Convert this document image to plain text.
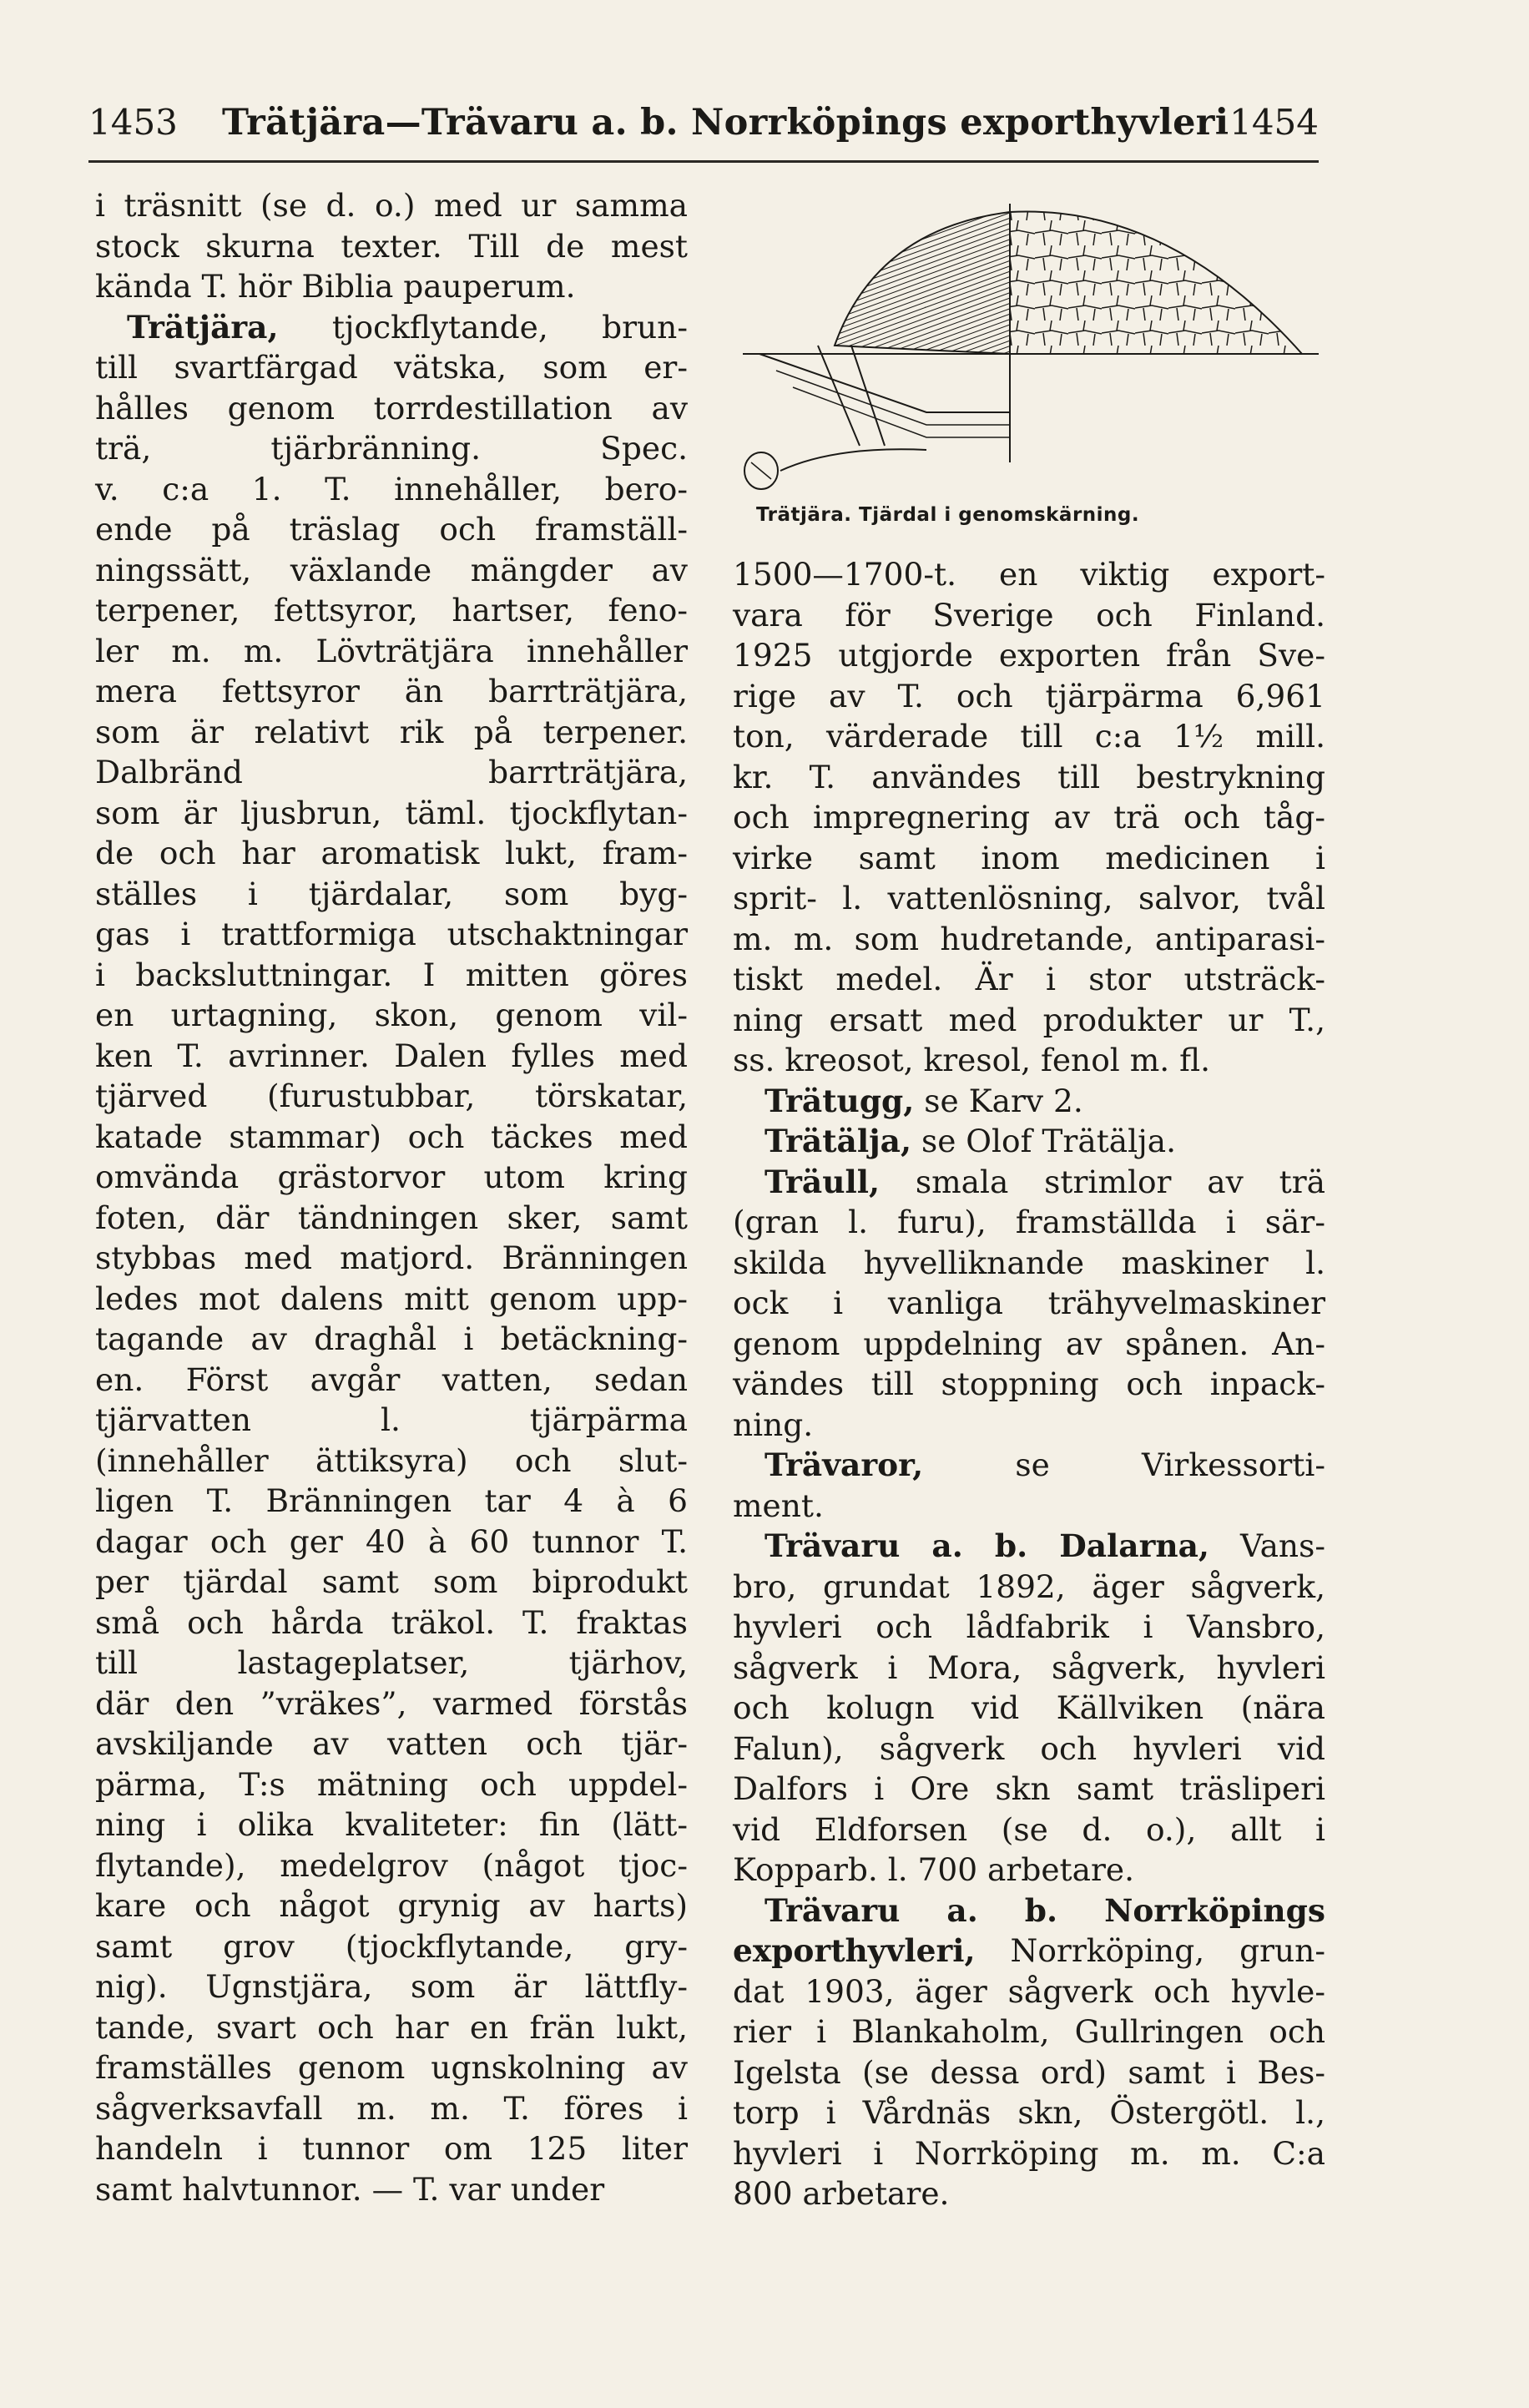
1453 Trätjära—Trävaru a. b. Norrköpings exporthyvleri 1454
i träsnitt (se d. o.) med ur samma
stock skurna texter. Till de mest
kända T. hör Biblia pauperum.
Trätjära, tjockflytande, brun-
till svartfärgad vätska, som er-
hålles genom torrdestillation av
trä, tjärbränning. Spec.
v. c:a 1. T. innehåller, bero-
ende på träslag och framställ-
ningssätt, växlande mängder av
terpener, fettsyror, hartser, feno-
ler m. m. Lövträtjära innehåller
mera fettsyror än barrträtjära,
som är relativt rik på terpener.
Dalbränd barrträtjära,
som är ljusbrun, täml. tjockflytan-
de och har aromatisk lukt, fram-
ställes i tjärdalar, som byg-
gas i trattformiga utschaktningar
i backsluttningar. I mitten göres
en urtagning, skon, genom vil-
ken T. avrinner. Dalen fylles med
tjärved (furustubbar, törskatar,
katade stammar) och täckes med
omvända grästorvor utom kring
foten, där tändningen sker, samt
stybbas med matjord. Bränningen
ledes mot dalens mitt genom upp-
tagande av draghål i betäckning-
en. Först avgår vatten, sedan
tjärvatten l. tjärpärma
(innehåller ättiksyra) och slut-
ligen T. Bränningen tar 4 à 6
dagar och ger 40 à 60 tunnor T.
per tjärdal samt som biprodukt
små och hårda träkol. T. fraktas
till lastageplatser, tjärhov,
där den ”vräkes”, varmed förstås
avskiljande av vatten och tjär-
pärma, T:s mätning och uppdel-
ning i olika kvaliteter: fin (lätt-
flytande), medelgrov (något tjoc-
kare och något grynig av harts)
samt grov (tjockflytande, gry-
nig). Ugnstjära, som är lättfly-
tande, svart och har en frän lukt,
framställes genom ugnskolning av
sågverksavfall m. m. T. föres i
handeln i tunnor om 125 liter
samt halvtunnor. — T. var under
Trätjära. Tjärdal i genomskärning.
1500—1700-t. en viktig export-
vara för Sverige och Finland.
1925 utgjorde exporten från Sve-
rige av T. och tjärpärma 6,961
ton, värderade till c:a 1½ mill.
kr. T. användes till bestrykning
och impregnering av trä och tåg-
virke samt inom medicinen i
sprit- l. vattenlösning, salvor, tvål
m. m. som hudretande, antiparasi-
tiskt medel. Är i stor utsträck-
ning ersatt med produkter ur T.,
ss. kreosot, kresol, fenol m. fl.
Trätugg, se Karv 2.
Trätälja, se Olof Trätälja.
Träull, smala strimlor av trä
(gran l. furu), framställda i sär-
skilda hyvelliknande maskiner l.
ock i vanliga trähyvelmaskiner
genom uppdelning av spånen. An-
vändes till stoppning och inpack-
ning.
Trävaror, se Virkessorti-
ment.
Trävaru a. b. Dalarna, Vans-
bro, grundat 1892, äger sågverk,
hyvleri och lådfabrik i Vansbro,
sågverk i Mora, sågverk, hyvleri
och kolugn vid Källviken (nära
Falun), sågverk och hyvleri vid
Dalfors i Ore skn samt träsliperi
vid Eldforsen (se d. o.), allt i
Kopparb. l. 700 arbetare.
Trävaru a. b. Norrköpings
exporthyvleri, Norrköping, grun-
dat 1903, äger sågverk och hyvle-
rier i Blankaholm, Gullringen och
Igelsta (se dessa ord) samt i Bes-
torp i Vårdnäs skn, Östergötl. l.,
hyvleri i Norrköping m. m. C:a
800 arbetare.
